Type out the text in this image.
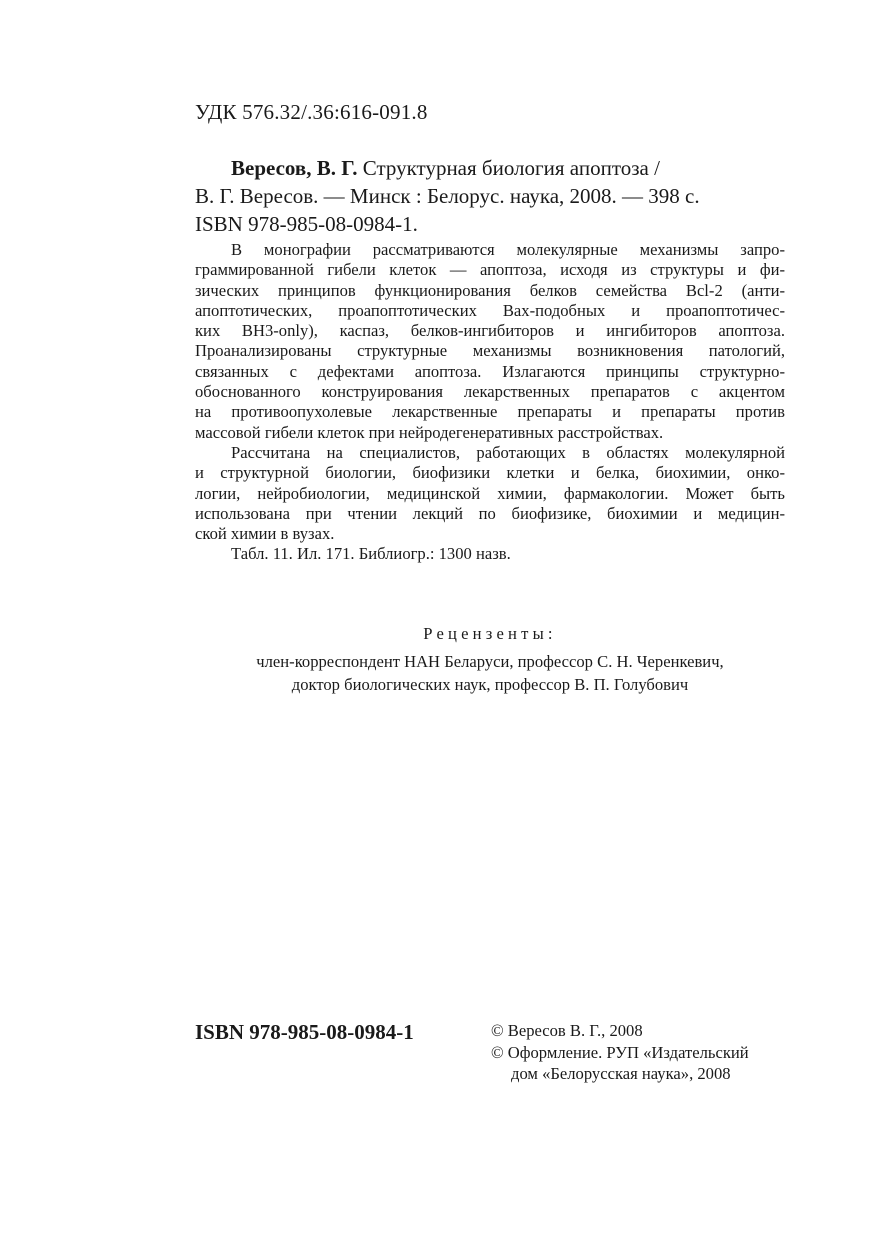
УДК 576.32/.36:616-091.8
Вересов, В. Г. Структурная биология апоптоза /
В. Г. Вересов. — Минск : Белорус. наука, 2008. — 398 с.
ISBN 978-985-08-0984-1.
В монографии рассматриваются молекулярные механизмы запро-
граммированной гибели клеток — апоптоза, исходя из структуры и фи-
зических принципов функционирования белков семейства Bcl-2 (анти-
апоптотических, проапоптотических Bax-подобных и проапоптотичес-
ких BH3-only), каспаз, белков-ингибиторов и ингибиторов апоптоза.
Проанализированы структурные механизмы возникновения патологий,
связанных с дефектами апоптоза. Излагаются принципы структурно-
обоснованного конструирования лекарственных препаратов с акцентом
на противоопухолевые лекарственные препараты и препараты против
массовой гибели клеток при нейродегенеративных расстройствах.
Рассчитана на специалистов, работающих в областях молекулярной
и структурной биологии, биофизики клетки и белка, биохимии, онко-
логии, нейробиологии, медицинской химии, фармакологии. Может быть
использована при чтении лекций по биофизике, биохимии и медицин-
ской химии в вузах.
Табл. 11. Ил. 171. Библиогр.: 1300 назв.
Рецензенты:
член-корреспондент НАН Беларуси, профессор С. Н. Черенкевич,
доктор биологических наук, профессор В. П. Голубович
ISBN 978-985-08-0984-1	© Вересов В. Г., 2008
© Оформление. РУП «Издательский
дом «Белорусская наука», 2008
